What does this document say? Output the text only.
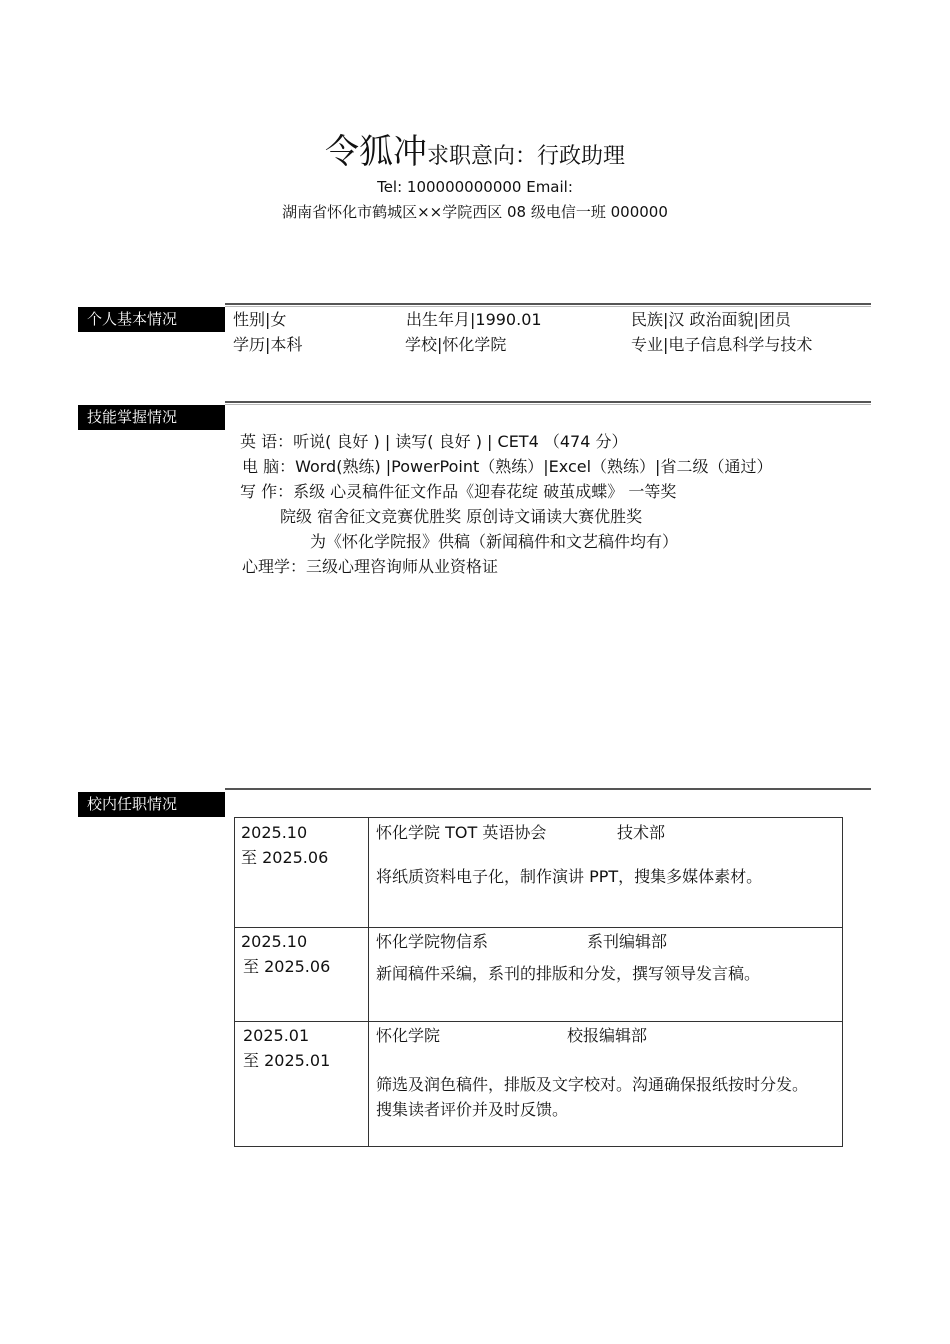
令狐冲求职意向：行政助理
Tel: 100000000000 Email:
湖南省怀化市鹤城区××学院西区 08 级电信一班 000000
个人基本情况	性别|女	出生年月|1990.01	民族|汉 政治面貌|团员
学历|本科	学校|怀化学院	专业|电子信息科学与技术
技能掌握情况
英 语：听说( 良好 ) | 读写( 良好 ) | CET4 （474 分）
电 脑：Word(熟练) |PowerPoint（熟练）|Excel（熟练）|省二级（通过）
写 作：系级 心灵稿件征文作品《迎春花绽 破茧成蝶》 一等奖
院级 宿舍征文竞赛优胜奖 原创诗文诵读大赛优胜奖
为《怀化学院报》供稿（新闻稿件和文艺稿件均有）
心理学：三级心理咨询师从业资格证
校内任职情况
2025.10
至 2025.06
怀化学院 TOT 英语协会	技术部
将纸质资料电子化，制作演讲 PPT，搜集多媒体素材。
2025.10
至 2025.06
怀化学院物信系	系刊编辑部
新闻稿件采编，系刊的排版和分发，撰写领导发言稿。
2025.01
至 2025.01
怀化学院	校报编辑部
筛选及润色稿件，排版及文字校对。沟通确保报纸按时分发。
搜集读者评价并及时反馈。
